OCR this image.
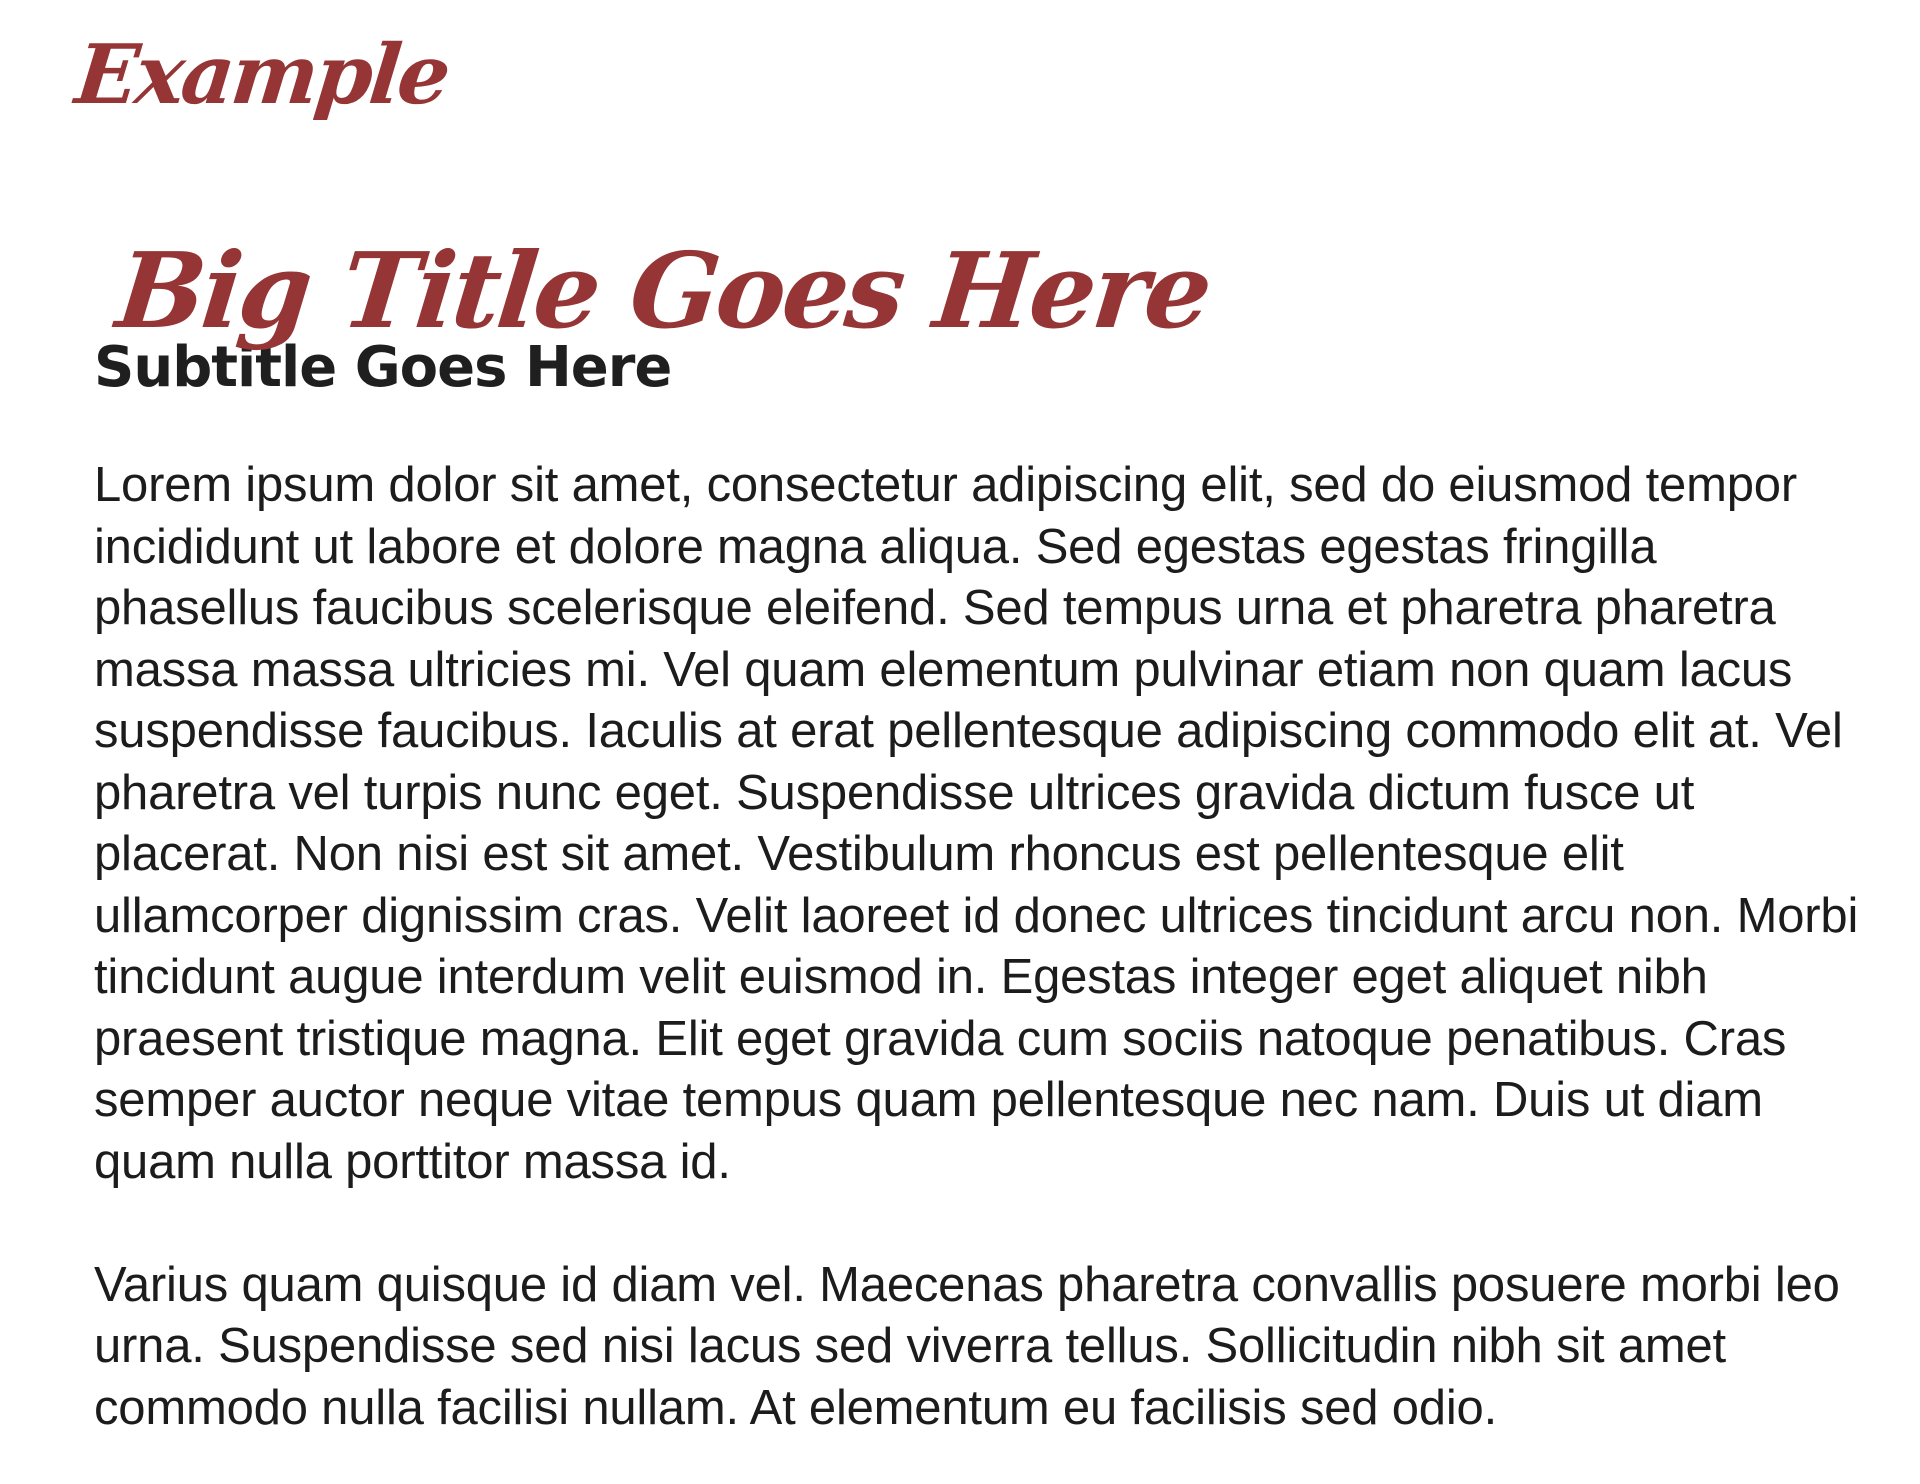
Example
Big Title Goes Here
Subtitle Goes Here

Lorem ipsum dolor sit amet, consectetur adipiscing elit, sed do eiusmod tempor incididunt ut labore et dolore magna aliqua. Sed egestas egestas fringilla phasellus faucibus scelerisque eleifend. Sed tempus urna et pharetra pharetra massa massa ultricies mi. Vel quam elementum pulvinar etiam non quam lacus suspendisse faucibus. Iaculis at erat pellentesque adipiscing commodo elit at. Vel pharetra vel turpis nunc eget. Suspendisse ultrices gravida dictum fusce ut placerat. Non nisi est sit amet. Vestibulum rhoncus est pellentesque elit ullamcorper dignissim cras. Velit laoreet id donec ultrices tincidunt arcu non. Morbi tincidunt augue interdum velit euismod in. Egestas integer eget aliquet nibh praesent tristique magna. Elit eget gravida cum sociis natoque penatibus. Cras semper auctor neque vitae tempus quam pellentesque nec nam. Duis ut diam quam nulla porttitor massa id.

Varius quam quisque id diam vel. Maecenas pharetra convallis posuere morbi leo urna. Suspendisse sed nisi lacus sed viverra tellus. Sollicitudin nibh sit amet commodo nulla facilisi nullam. At elementum eu facilisis sed odio.
